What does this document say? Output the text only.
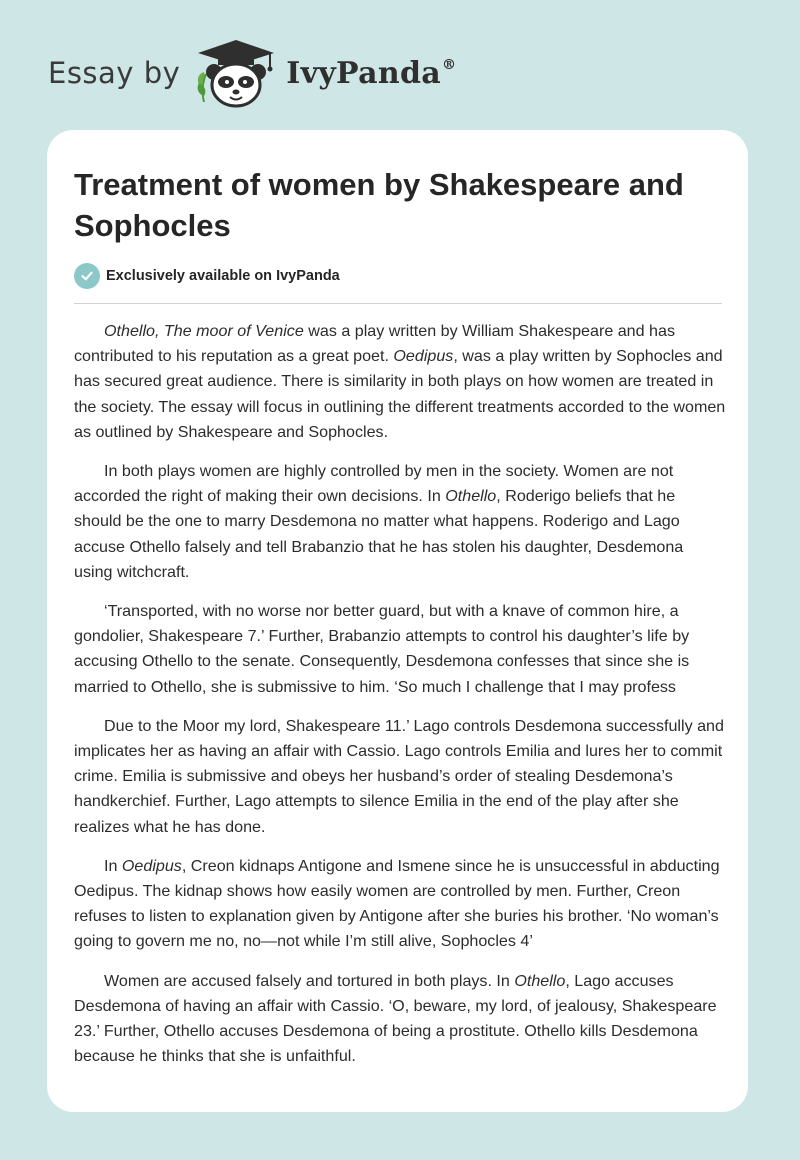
Essay by	IvyPanda®
Treatment of women by Shakespeare and Sophocles
Exclusively available on IvyPanda

Othello, The moor of Venice was a play written by William Shakespeare and has contributed to his reputation as a great poet. Oedipus, was a play written by Sophocles and has secured great audience. There is similarity in both plays on how women are treated in the society. The essay will focus in outlining the different treatments accorded to the women as outlined by Shakespeare and Sophocles.

In both plays women are highly controlled by men in the society. Women are not accorded the right of making their own decisions. In Othello, Roderigo beliefs that he should be the one to marry Desdemona no matter what happens. Roderigo and Lago accuse Othello falsely and tell Brabanzio that he has stolen his daughter, Desdemona using witchcraft.

‘Transported, with no worse nor better guard, but with a knave of common hire, a gondolier, Shakespeare 7.’ Further, Brabanzio attempts to control his daughter’s life by accusing Othello to the senate. Consequently, Desdemona confesses that since she is married to Othello, she is submissive to him. ‘So much I challenge that I may profess

Due to the Moor my lord, Shakespeare 11.’ Lago controls Desdemona successfully and implicates her as having an affair with Cassio. Lago controls Emilia and lures her to commit crime. Emilia is submissive and obeys her husband’s order of stealing Desdemona’s handkerchief. Further, Lago attempts to silence Emilia in the end of the play after she realizes what he has done.

In Oedipus, Creon kidnaps Antigone and Ismene since he is unsuccessful in abducting Oedipus. The kidnap shows how easily women are controlled by men. Further, Creon refuses to listen to explanation given by Antigone after she buries his brother. ‘No woman’s going to govern me no, no—not while I’m still alive, Sophocles 4’

Women are accused falsely and tortured in both plays. In Othello, Lago accuses Desdemona of having an affair with Cassio. ‘O, beware, my lord, of jealousy, Shakespeare 23.’ Further, Othello accuses Desdemona of being a prostitute. Othello kills Desdemona because he thinks that she is unfaithful.
